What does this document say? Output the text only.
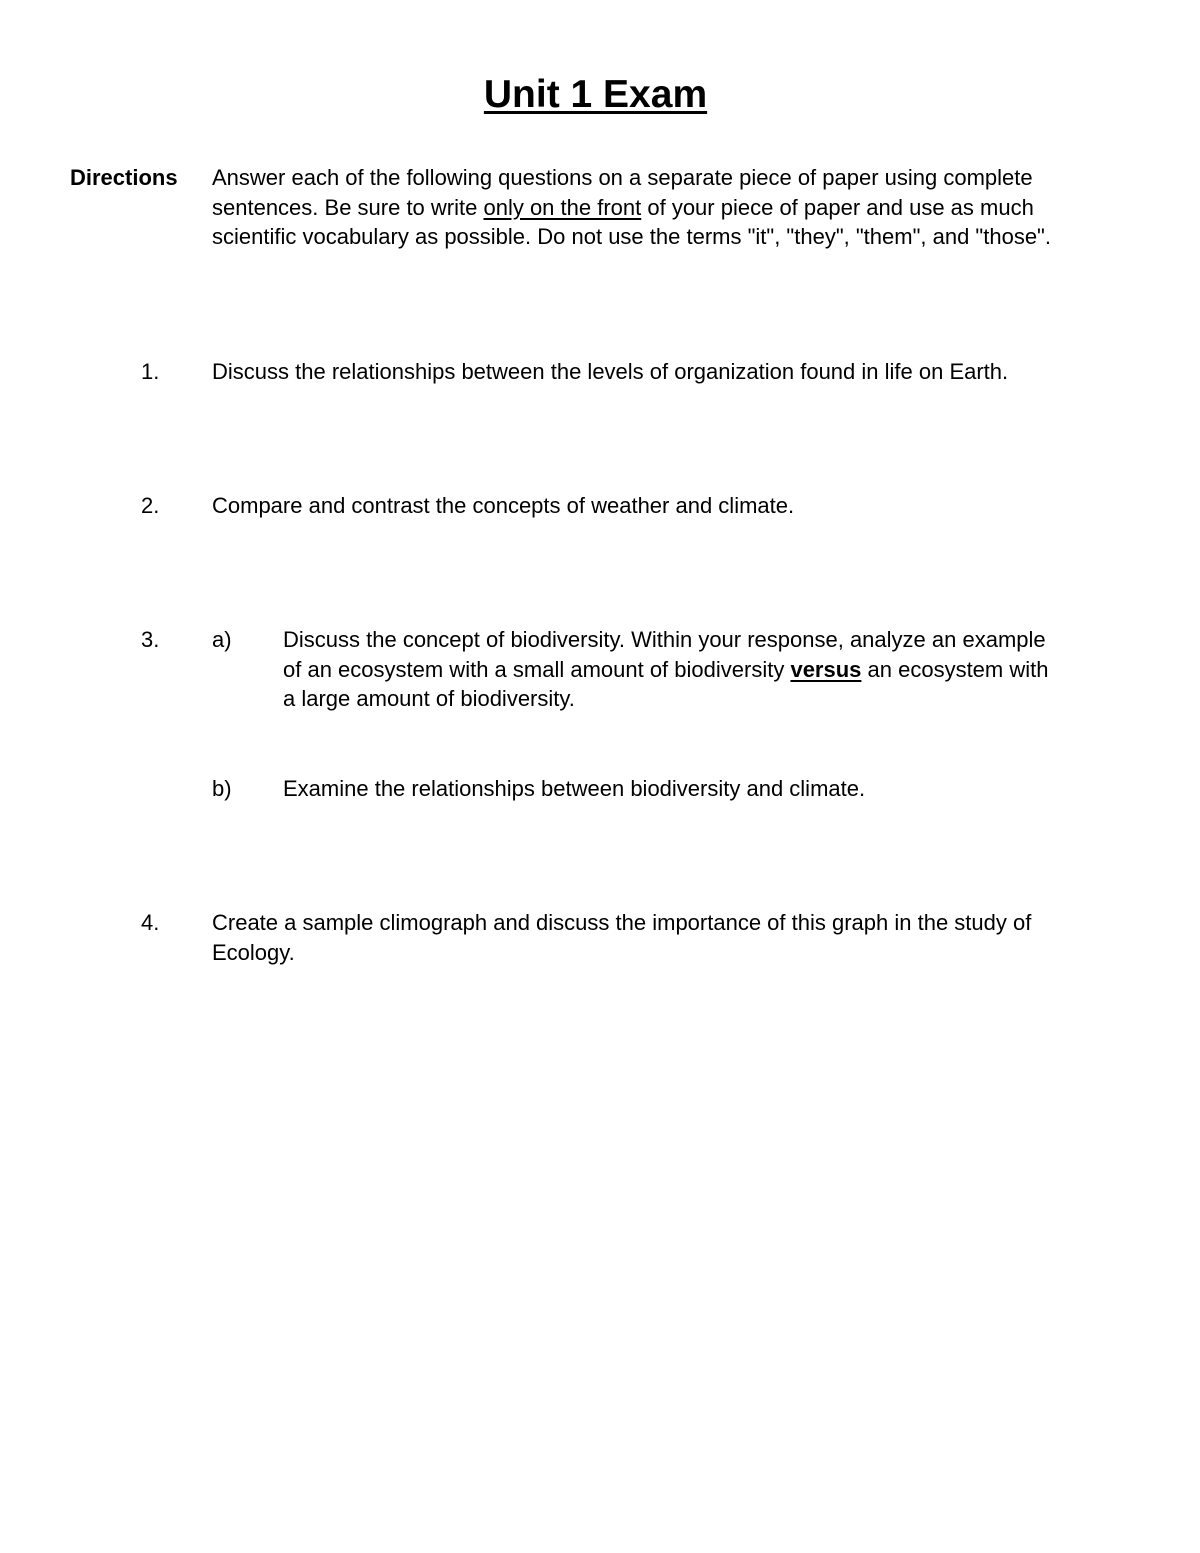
Unit 1 Exam
Directions Answer each of the following questions on a separate piece of paper using complete
sentences. Be sure to write only on the front of your piece of paper and use as much
scientific vocabulary as possible. Do not use the terms "it", "they", "them", and "those".
1. Discuss the relationships between the levels of organization found in life on Earth.
2. Compare and contrast the concepts of weather and climate.
3. a) Discuss the concept of biodiversity. Within your response, analyze an example
of an ecosystem with a small amount of biodiversity versus an ecosystem with
a large amount of biodiversity.
b) Examine the relationships between biodiversity and climate.
4. Create a sample climograph and discuss the importance of this graph in the study of
Ecology.
